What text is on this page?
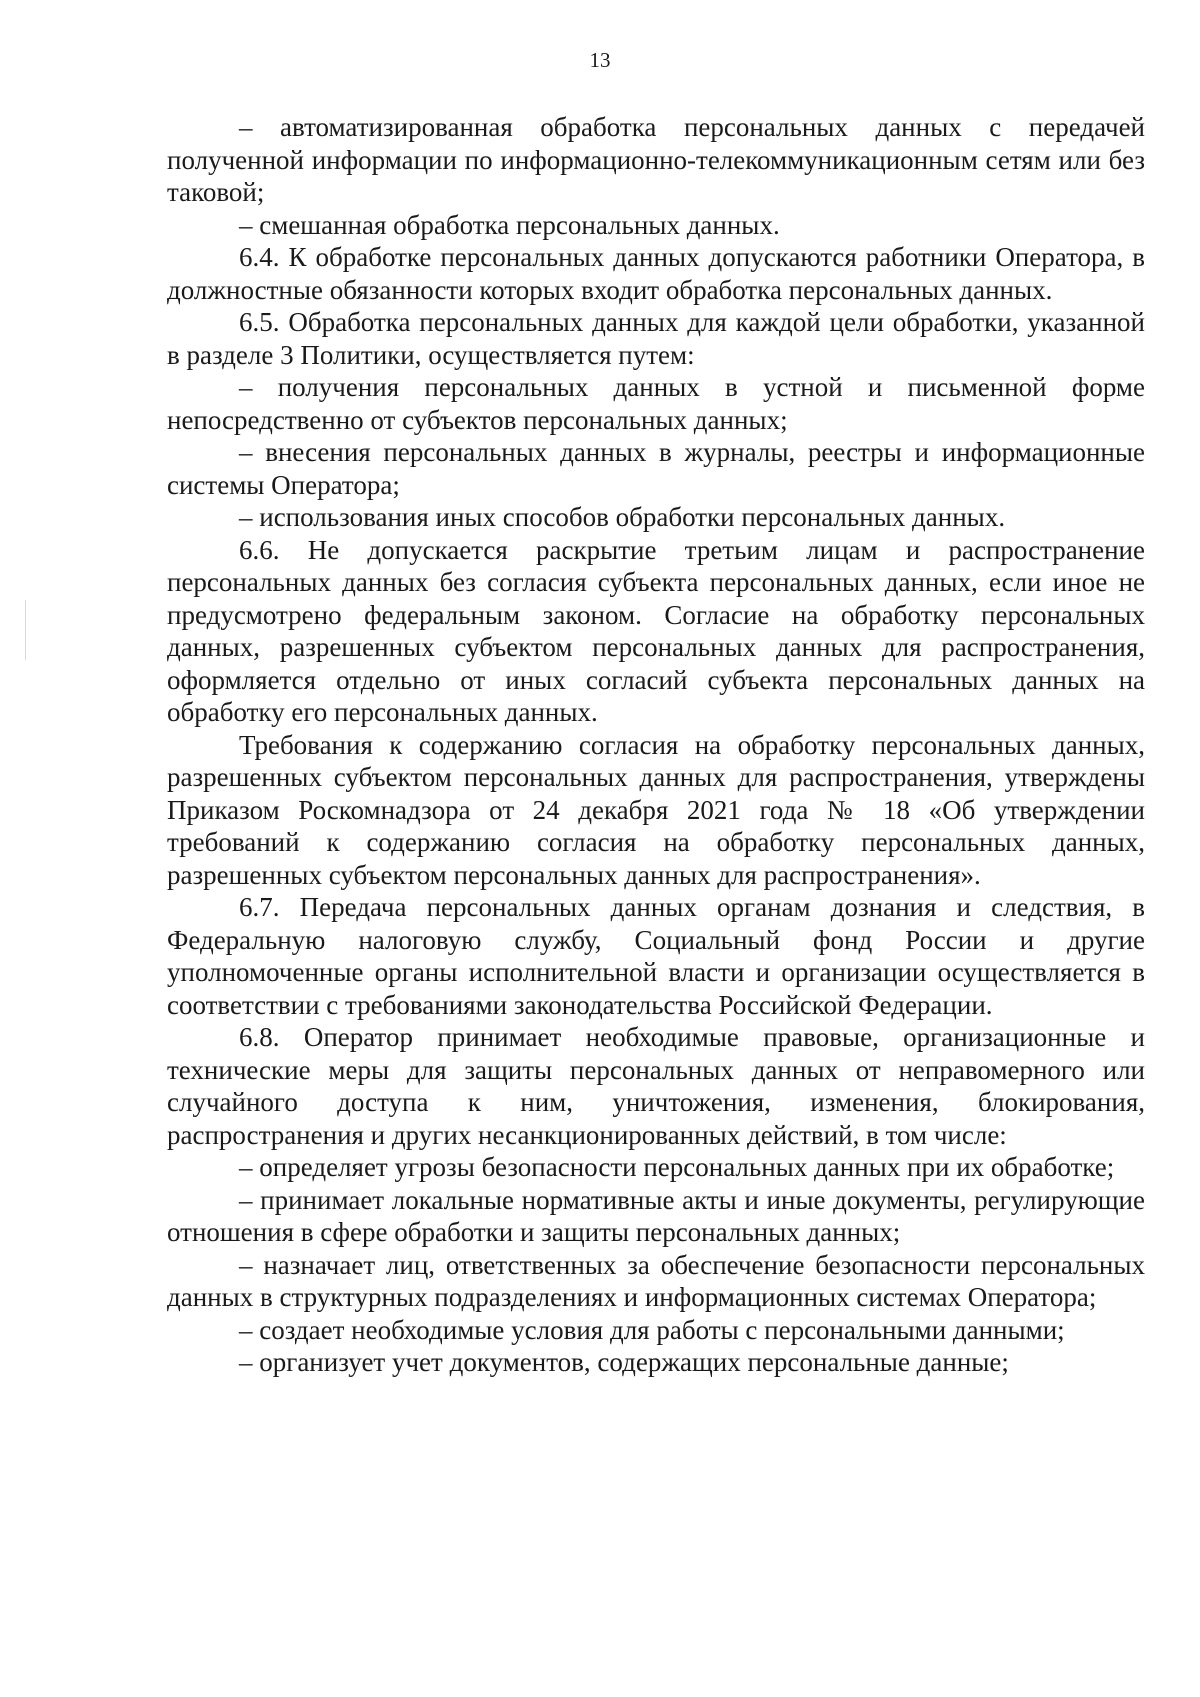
13

– автоматизированная обработка персональных данных с передачей полученной информации по информационно-телекоммуникационным сетям или без таковой;

– смешанная обработка персональных данных.

6.4. К обработке персональных данных допускаются работники Оператора, в должностные обязанности которых входит обработка персональных данных.

6.5. Обработка персональных данных для каждой цели обработки, указанной в разделе 3 Политики, осуществляется путем:

– получения персональных данных в устной и письменной форме непосредственно от субъектов персональных данных;

– внесения персональных данных в журналы, реестры и информационные системы Оператора;

– использования иных способов обработки персональных данных.

6.6. Не допускается раскрытие третьим лицам и распространение персональных данных без согласия субъекта персональных данных, если иное не предусмотрено федеральным законом. Согласие на обработку персональных данных, разрешенных субъектом персональных данных для распространения, оформляется отдельно от иных согласий субъекта персональных данных на обработку его персональных данных.

Требования к содержанию согласия на обработку персональных данных, разрешенных субъектом персональных данных для распространения, утверждены Приказом Роскомнадзора от 24 декабря 2021 года № 18 «Об утверждении требований к содержанию согласия на обработку персональных данных, разрешенных субъектом персональных данных для распространения».

6.7. Передача персональных данных органам дознания и следствия, в Федеральную налоговую службу, Социальный фонд России и другие уполномоченные органы исполнительной власти и организации осуществляется в соответствии с требованиями законодательства Российской Федерации.

6.8. Оператор принимает необходимые правовые, организационные и технические меры для защиты персональных данных от неправомерного или случайного доступа к ним, уничтожения, изменения, блокирования, распространения и других несанкционированных действий, в том числе:

– определяет угрозы безопасности персональных данных при их обработке;

– принимает локальные нормативные акты и иные документы, регулирующие отношения в сфере обработки и защиты персональных данных;

– назначает лиц, ответственных за обеспечение безопасности персональных данных в структурных подразделениях и информационных системах Оператора;

– создает необходимые условия для работы с персональными данными;

– организует учет документов, содержащих персональные данные;
